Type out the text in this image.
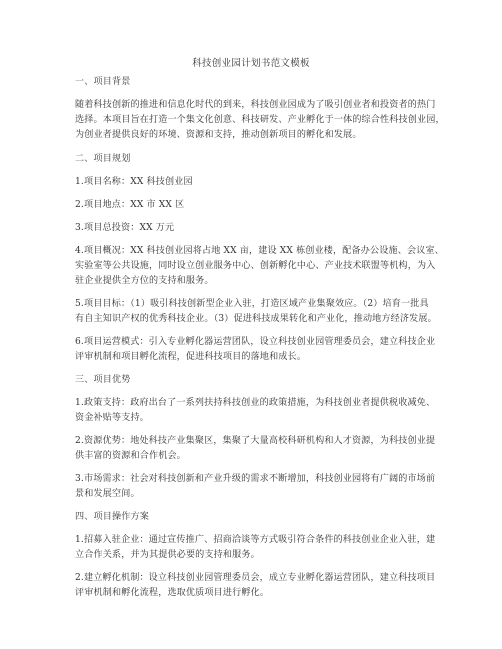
科技创业园计划书范文模板
一、项目背景
随着科技创新的推进和信息化时代的到来，科技创业园成为了吸引创业者和投资者的热门
选择。本项目旨在打造一个集文化创意、科技研发、产业孵化于一体的综合性科技创业园，
为创业者提供良好的环境、资源和支持，推动创新项目的孵化和发展。
二、项目规划
1.项目名称：XX 科技创业园
2.项目地点：XX 市 XX 区
3.项目总投资：XX 万元
4.项目概况：XX 科技创业园将占地 XX 亩，建设 XX 栋创业楼，配备办公设施、会议室、
实验室等公共设施，同时设立创业服务中心、创新孵化中心、产业技术联盟等机构，为入
驻企业提供全方位的支持和服务。
5.项目目标：（1）吸引科技创新型企业入驻，打造区域产业集聚效应。（2）培育一批具
有自主知识产权的优秀科技企业。（3）促进科技成果转化和产业化，推动地方经济发展。
6.项目运营模式：引入专业孵化器运营团队，设立科技创业园管理委员会，建立科技企业
评审机制和项目孵化流程，促进科技项目的落地和成长。
三、项目优势
1.政策支持：政府出台了一系列扶持科技创业的政策措施，为科技创业者提供税收减免、
资金补贴等支持。
2.资源优势：地处科技产业集聚区，集聚了大量高校科研机构和人才资源，为科技创业提
供丰富的资源和合作机会。
3.市场需求：社会对科技创新和产业升级的需求不断增加，科技创业园将有广阔的市场前
景和发展空间。
四、项目操作方案
1.招募入驻企业：通过宣传推广、招商洽谈等方式吸引符合条件的科技创业企业入驻，建
立合作关系，并为其提供必要的支持和服务。
2.建立孵化机制：设立科技创业园管理委员会，成立专业孵化器运营团队，建立科技项目
评审机制和孵化流程，选取优质项目进行孵化。
